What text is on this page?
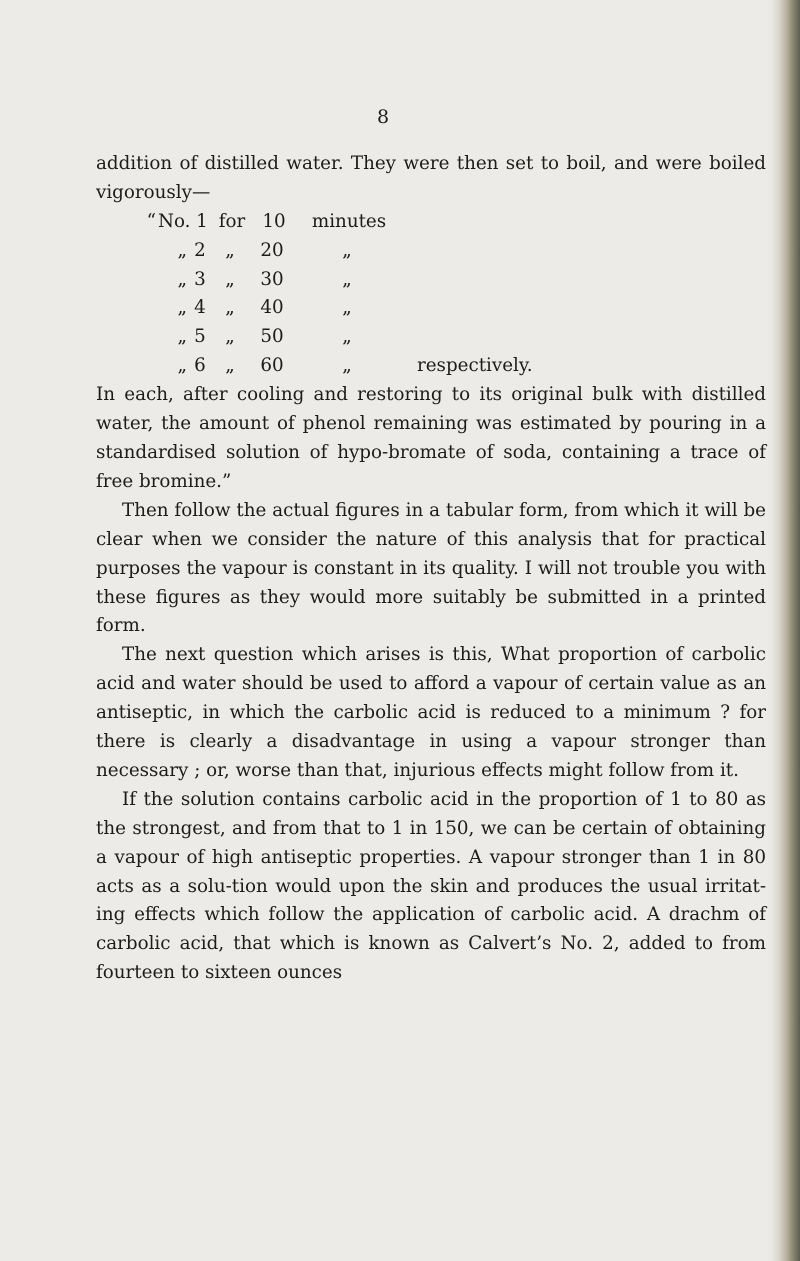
8

addition of distilled water. They were then set to boil, and were boiled vigorously—

“ No. 1 for 10	minutes
„ 2	„	20	„
„ 3	„	30	„
„ 4	„	40	„
„ 5	„	50	„
„ 6	„	60	„	respectively.

In each, after cooling and restoring to its original bulk with distilled water, the amount of phenol remaining was estimated by pouring in a standardised solution of hypo-bromate of soda, containing a trace of free bromine.”

Then follow the actual figures in a tabular form, from which it will be clear when we consider the nature of this analysis that for practical purposes the vapour is constant in its quality. I will not trouble you with these figures as they would more suitably be submitted in a printed form.

The next question which arises is this, What proportion of carbolic acid and water should be used to afford a vapour of certain value as an antiseptic, in which the carbolic acid is reduced to a minimum ? for there is clearly a disadvantage in using a vapour stronger than necessary ; or, worse than that, injurious effects might follow from it.

If the solution contains carbolic acid in the proportion of 1 to 80 as the strongest, and from that to 1 in 150, we can be certain of obtaining a vapour of high antiseptic properties. A vapour stronger than 1 in 80 acts as a solu-tion would upon the skin and produces the usual irritat-ing effects which follow the application of carbolic acid. A drachm of carbolic acid, that which is known as Calvert’s No. 2, added to from fourteen to sixteen ounces
